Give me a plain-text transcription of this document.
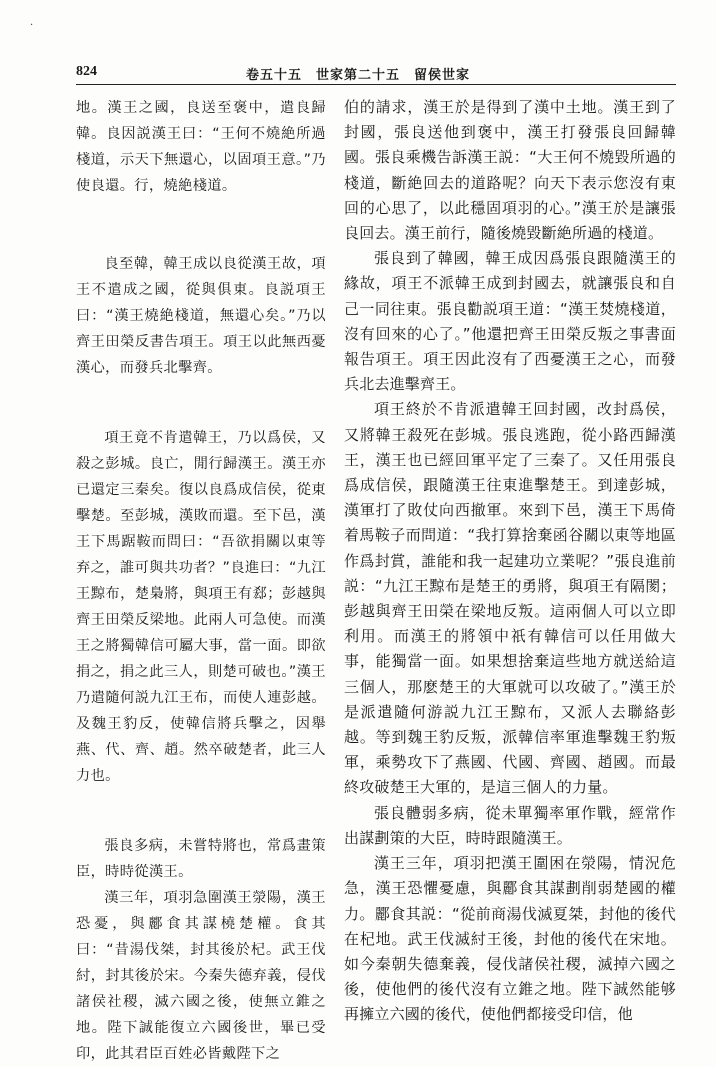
·
824	卷五十五　世家第二十五　留侯世家

地。漢王之國，良送至褒中，遣良歸韓。良因説漢王曰：“王何不燒絶所過棧道，示天下無還心，以固項王意。”乃使良還。行，燒絶棧道。

良至韓，韓王成以良從漢王故，項王不遣成之國，從與俱東。良説項王曰：“漢王燒絶棧道，無還心矣。”乃以齊王田榮反書告項王。項王以此無西憂漢心，而發兵北擊齊。

項王竟不肯遣韓王，乃以爲侯，又殺之彭城。良亡，閒行歸漢王。漢王亦已還定三秦矣。復以良爲成信侯，從東擊楚。至彭城，漢敗而還。至下邑，漢王下馬踞鞍而問曰：“吾欲捐關以東等弃之，誰可與共功者？”良進曰：“九江王黥布，楚梟將，與項王有郄；彭越與齊王田榮反梁地。此兩人可急使。而漢王之將獨韓信可屬大事，當一面。即欲捐之，捐之此三人，則楚可破也。”漢王乃遣隨何説九江王布，而使人連彭越。及魏王豹反，使韓信將兵擊之，因舉燕、代、齊、趙。然卒破楚者，此三人力也。

張良多病，未嘗特將也，常爲畫策臣，時時從漢王。

漢三年，項羽急圍漢王滎陽，漢王恐憂，與酈食其謀橈楚權。食其曰：“昔湯伐桀，封其後於杞。武王伐紂，封其後於宋。今秦失德弃義，侵伐諸侯社稷，滅六國之後，使無立錐之地。陛下誠能復立六國後世，畢已受印，此其君臣百姓必皆戴陛下之

伯的請求，漢王於是得到了漢中土地。漢王到了封國，張良送他到褒中，漢王打發張良回歸韓國。張良乘機告訴漢王説：“大王何不燒毀所過的棧道，斷絶回去的道路呢？向天下表示您沒有東回的心思了，以此穩固項羽的心。”漢王於是讓張良回去。漢王前行，隨後燒毀斷絶所過的棧道。

張良到了韓國，韓王成因爲張良跟隨漢王的緣故，項王不派韓王成到封國去，就讓張良和自己一同往東。張良勸説項王道：“漢王焚燒棧道，沒有回來的心了。”他還把齊王田榮反叛之事書面報告項王。項王因此沒有了西憂漢王之心，而發兵北去進擊齊王。

項王終於不肯派遣韓王回封國，改封爲侯，又將韓王殺死在彭城。張良逃跑，從小路西歸漢王，漢王也已經回軍平定了三秦了。又任用張良爲成信侯，跟隨漢王往東進擊楚王。到達彭城，漢軍打了敗仗向西撤軍。來到下邑，漢王下馬倚着馬鞍子而問道：“我打算捨棄函谷關以東等地區作爲封賞，誰能和我一起建功立業呢？”張良進前説：“九江王黥布是楚王的勇將，與項王有隔閡；彭越與齊王田榮在梁地反叛。這兩個人可以立即利用。而漢王的將領中祇有韓信可以任用做大事，能獨當一面。如果想捨棄這些地方就送給這三個人，那麽楚王的大軍就可以攻破了。”漢王於是派遣隨何游説九江王黥布，又派人去聯絡彭越。等到魏王豹反叛，派韓信率軍進擊魏王豹叛軍，乘勢攻下了燕國、代國、齊國、趙國。而最終攻破楚王大軍的，是這三個人的力量。

張良體弱多病，從未單獨率軍作戰，經常作出謀劃策的大臣，時時跟隨漢王。

漢王三年，項羽把漢王圍困在滎陽，情況危急，漢王恐懼憂慮，與酈食其謀劃削弱楚國的權力。酈食其説：“從前商湯伐滅夏桀，封他的後代在杞地。武王伐滅紂王後，封他的後代在宋地。如今秦朝失德棄義，侵伐諸侯社稷，滅掉六國之後，使他們的後代沒有立錐之地。陛下誠然能够再擁立六國的後代，使他們都接受印信，他
